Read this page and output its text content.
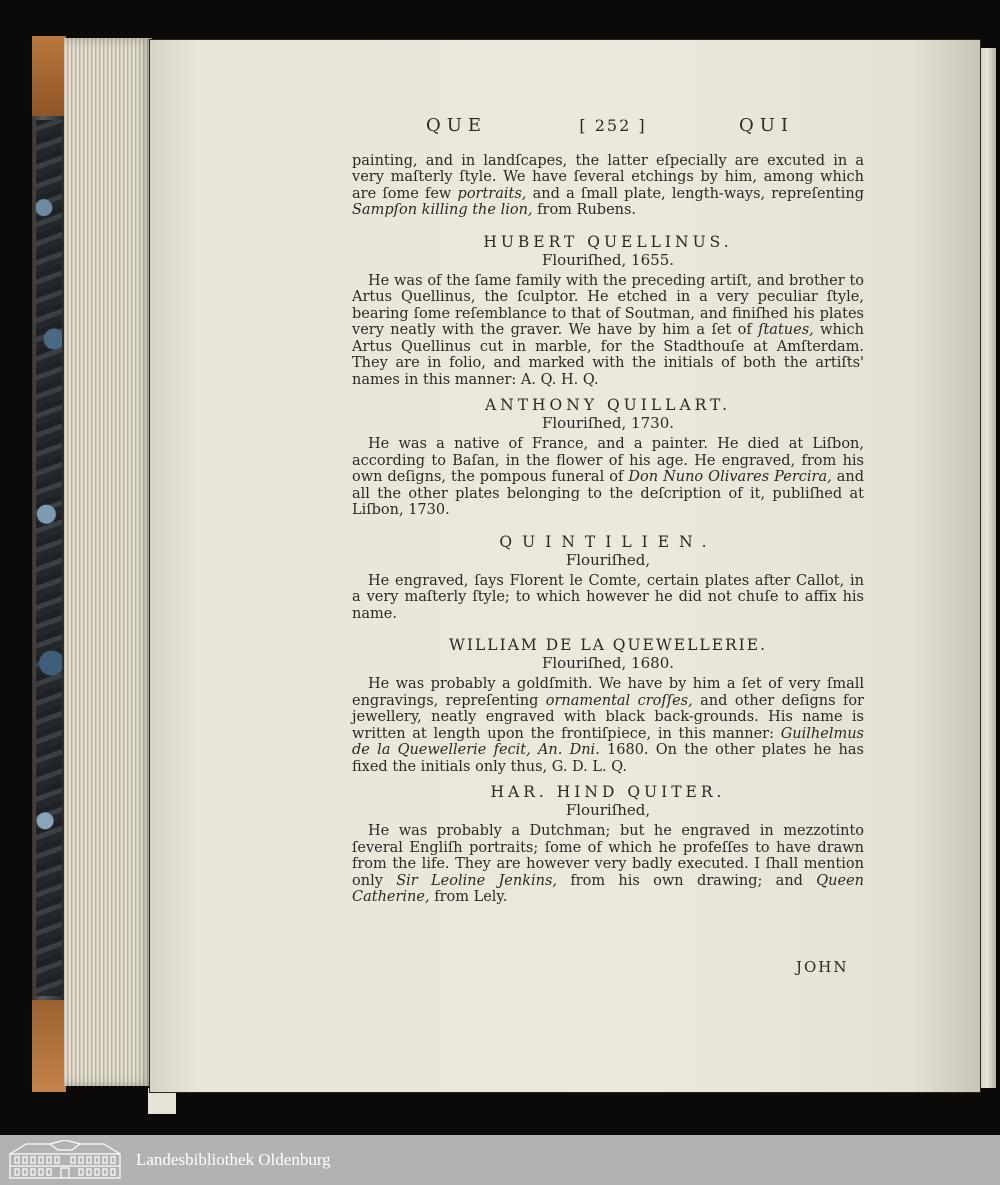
QUE	[ 252 ]	QUI

painting, and in landſcapes, the latter eſpecially are excuted in a very maſterly ſtyle. We have ſeveral etchings by him, among which are ſome few portraits, and a ſmall plate, length-ways, repreſenting Sampſon killing the lion, from Rubens.

HUBERT QUELLINUS.
Flouriſhed, 1655.

He was of the ſame family with the preceding artiſt, and brother to Artus Quellinus, the ſculptor. He etched in a very peculiar ſtyle, bearing ſome reſemblance to that of Soutman, and finiſhed his plates very neatly with the graver. We have by him a ſet of ſtatues, which Artus Quellinus cut in marble, for the Stadthouſe at Amſterdam. They are in folio, and marked with the initials of both the artiſts' names in this manner: A. Q. H. Q.

ANTHONY QUILLART.
Flouriſhed, 1730.

He was a native of France, and a painter. He died at Liſbon, according to Baſan, in the flower of his age. He engraved, from his own deſigns, the pompous funeral of Don Nuno Olivares Percira, and all the other plates belonging to the deſcription of it, publiſhed at Liſbon, 1730.

QUINTILIEN.
Flouriſhed,

He engraved, ſays Florent le Comte, certain plates after Callot, in a very maſterly ſtyle; to which however he did not chuſe to affix his name.

WILLIAM DE LA QUEWELLERIE.
Flouriſhed, 1680.

He was probably a goldſmith. We have by him a ſet of very ſmall engravings, repreſenting ornamental croſſes, and other deſigns for jewellery, neatly engraved with black back-grounds. His name is written at length upon the frontiſpiece, in this manner: Guilhelmus de la Quewellerie fecit, An. Dni. 1680. On the other plates he has fixed the initials only thus, G. D. L. Q.

HAR. HIND QUITER.
Flouriſhed,

He was probably a Dutchman; but he engraved in mezzotinto ſeveral Engliſh portraits; ſome of which he profeſſes to have drawn from the life. They are however very badly executed. I ſhall mention only Sir Leoline Jenkins, from his own drawing; and Queen Catherine, from Lely.

JOHN
Landesbibliothek Oldenburg
